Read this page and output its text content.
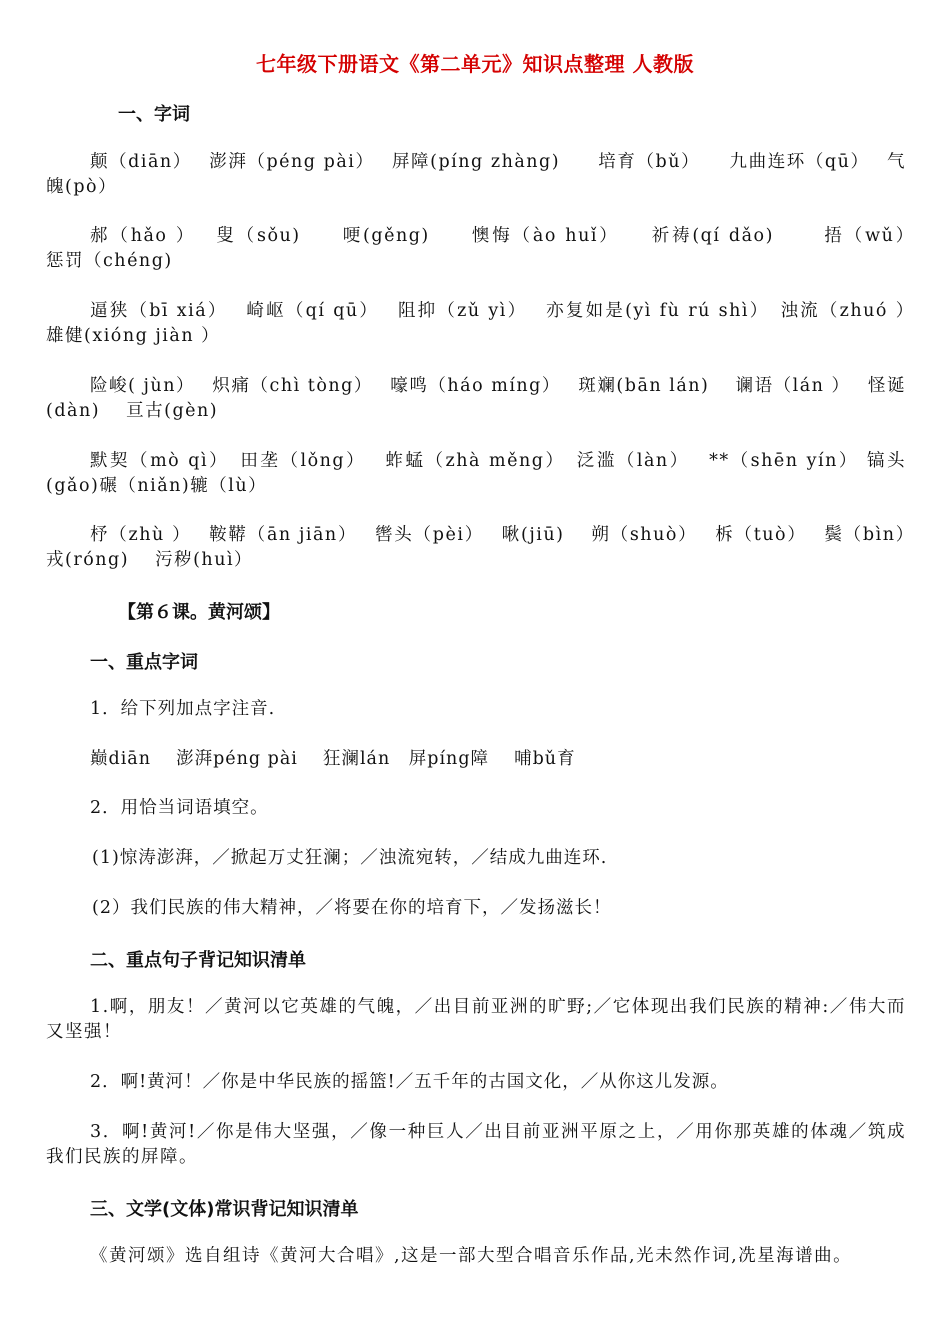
七年级下册语文《第二单元》知识点整理 人教版
一、字词
颠（diān）　 澎湃（péng pài）　 屏障(píng zhàng)　　培育（bǔ）　　九曲连环（qū）　 气魄(pò）
郝（hǎo ）　 叟（sǒu)　　哽(gěng)　　懊悔（ào huǐ）　　祈祷(qí dǎo)　　 捂（wǔ）　 惩罚（chéng)
逼狭（bī xiá）　 崎岖（qí qū）　 阻抑（zǔ yì）　 亦复如是(yì fù rú shì）　浊流（zhuó ）　 雄健(xióng jiàn ）
险峻( jùn）　 炽痛（chì tòng）　 嚎鸣（háo míng）　 斑斓(bān lán)　 谰语（lán ）　 怪诞(dàn)　 亘古(gèn)
默契（mò qì）　田垄（lǒng）　 蚱蜢（zhà měng）　泛滥（làn）　 **（shēn yín） 镐头(gǎo)碾（niǎn)辘（lù）
杼（zhù ）　 鞍鞯（ān jiān）　 辔头（pèi）　 啾(jiū)　 朔（shuò）　 柝（tuò）　 鬓（bìn）　 戎(róng)　 污秽(huì）
【第６课。黄河颂】
一、重点字词
1．给下列加点字注音.
巅diān　 澎湃péng pài　 狂澜lán　屏píng障　 哺bǔ育
2．用恰当词语填空。
(1)惊涛澎湃，／掀起万丈狂澜；／浊流宛转，／结成九曲连环.
(2）我们民族的伟大精神，／将要在你的培育下，／发扬滋长！
二、重点句子背记知识清单
1.啊，朋友！／黄河以它英雄的气魄，／出目前亚洲的旷野;／它体现出我们民族的精神:／伟大而又坚强！
2．啊!黄河！／你是中华民族的摇篮!／五千年的古国文化，／从你这儿发源。
3．啊!黄河!／你是伟大坚强，／像一种巨人／出目前亚洲平原之上，／用你那英雄的体魂／筑成我们民族的屏障。
三、文学(文体)常识背记知识清单
《黄河颂》选自组诗《黄河大合唱》,这是一部大型合唱音乐作品,光未然作词,冼星海谱曲。
